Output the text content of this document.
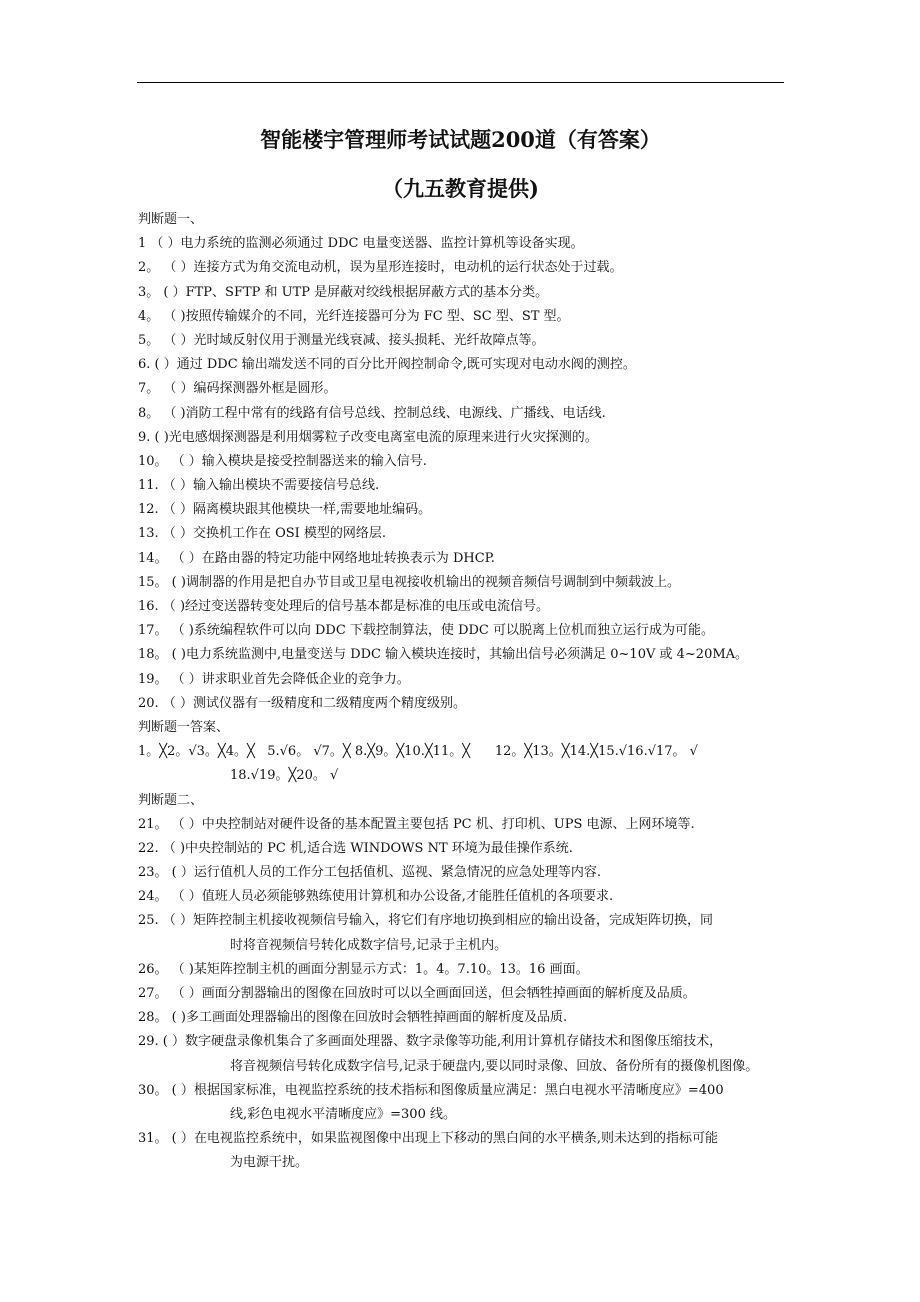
智能楼宇管理师考试试题200道（有答案）
（九五教育提供)
判断题一、
1 （ ）电力系统的监测必须通过 DDC 电量变送器、监控计算机等设备实现。
2。 （ ）连接方式为角交流电动机，误为星形连接时，电动机的运行状态处于过载。
3。 ( ）FTP、SFTP 和 UTP 是屏蔽对绞线根据屏蔽方式的基本分类。
4。 （ )按照传输媒介的不同，光纤连接器可分为 FC 型、SC 型、ST 型。
5。 （ ）光时域反射仪用于测量光线衰减、接头损耗、光纤故障点等。
6. ( ）通过 DDC 输出端发送不同的百分比开阀控制命令,既可实现对电动水阀的测控。
7。 （ ）编码探测器外框是圆形。
8。 （ )消防工程中常有的线路有信号总线、控制总线、电源线、广播线、电话线.
9. ( )光电感烟探测器是利用烟雾粒子改变电离室电流的原理来进行火灾探测的。
10。 （ ）输入模块是接受控制器送来的输入信号.
11. （ ）输入输出模块不需要接信号总线.
12. （ ）隔离模块跟其他模块一样,需要地址编码。
13. （ ）交换机工作在 OSI 模型的网络层.
14。 （ ）在路由器的特定功能中网络地址转换表示为 DHCP.
15。 ( )调制器的作用是把自办节目或卫星电视接收机输出的视频音频信号调制到中频载波上。
16. （ )经过变送器转变处理后的信号基本都是标准的电压或电流信号。
17。 （ )系统编程软件可以向 DDC 下载控制算法，使 DDC 可以脱离上位机而独立运行成为可能。
18。 ( )电力系统监测中,电量变送与 DDC 输入模块连接时，其输出信号必须满足 0~10V 或 4~20MA。
19。 （ ）讲求职业首先会降低企业的竞争力。
20. （ ）测试仪器有一级精度和二级精度两个精度级别。
判断题一答案、
1。╳2。√3。╳4。╳   5.√6。 √7。╳ 8.╳9。╳10.╳11。╳      12。╳13。╳14.╳15.√16.√17。 √
18.√19。╳20。 √
判断题二、
21。 （ ）中央控制站对硬件设备的基本配置主要包括 PC 机、打印机、UPS 电源、上网环境等.
22. （ )中央控制站的 PC 机,适合选 WINDOWS NT 环境为最佳操作系统.
23。 ( ）运行值机人员的工作分工包括值机、巡视、紧急情况的应急处理等内容.
24。 （ ）值班人员必须能够熟练使用计算机和办公设备,才能胜任值机的各项要求.
25. （ ）矩阵控制主机接收视频信号输入，将它们有序地切换到相应的输出设备，完成矩阵切换，同
时将音视频信号转化成数字信号,记录于主机内。
26。 （ )某矩阵控制主机的画面分割显示方式：1。4。7.10。13。16 画面。
27。 （ ）画面分割器输出的图像在回放时可以以全画面回送，但会牺牲掉画面的解析度及品质。
28。 ( )多工画面处理器输出的图像在回放时会牺牲掉画面的解析度及品质.
29. ( ）数字硬盘录像机集合了多画面处理器、数字录像等功能,利用计算机存储技术和图像压缩技术，
将音视频信号转化成数字信号,记录于硬盘内,要以同时录像、回放、备份所有的摄像机图像。
30。 ( ）根据国家标准，电视监控系统的技术指标和图像质量应满足：黑白电视水平清晰度应》=400
线,彩色电视水平清晰度应》=300 线。
31。 ( ）在电视监控系统中，如果监视图像中出现上下移动的黑白间的水平横条,则未达到的指标可能
为电源干扰。
